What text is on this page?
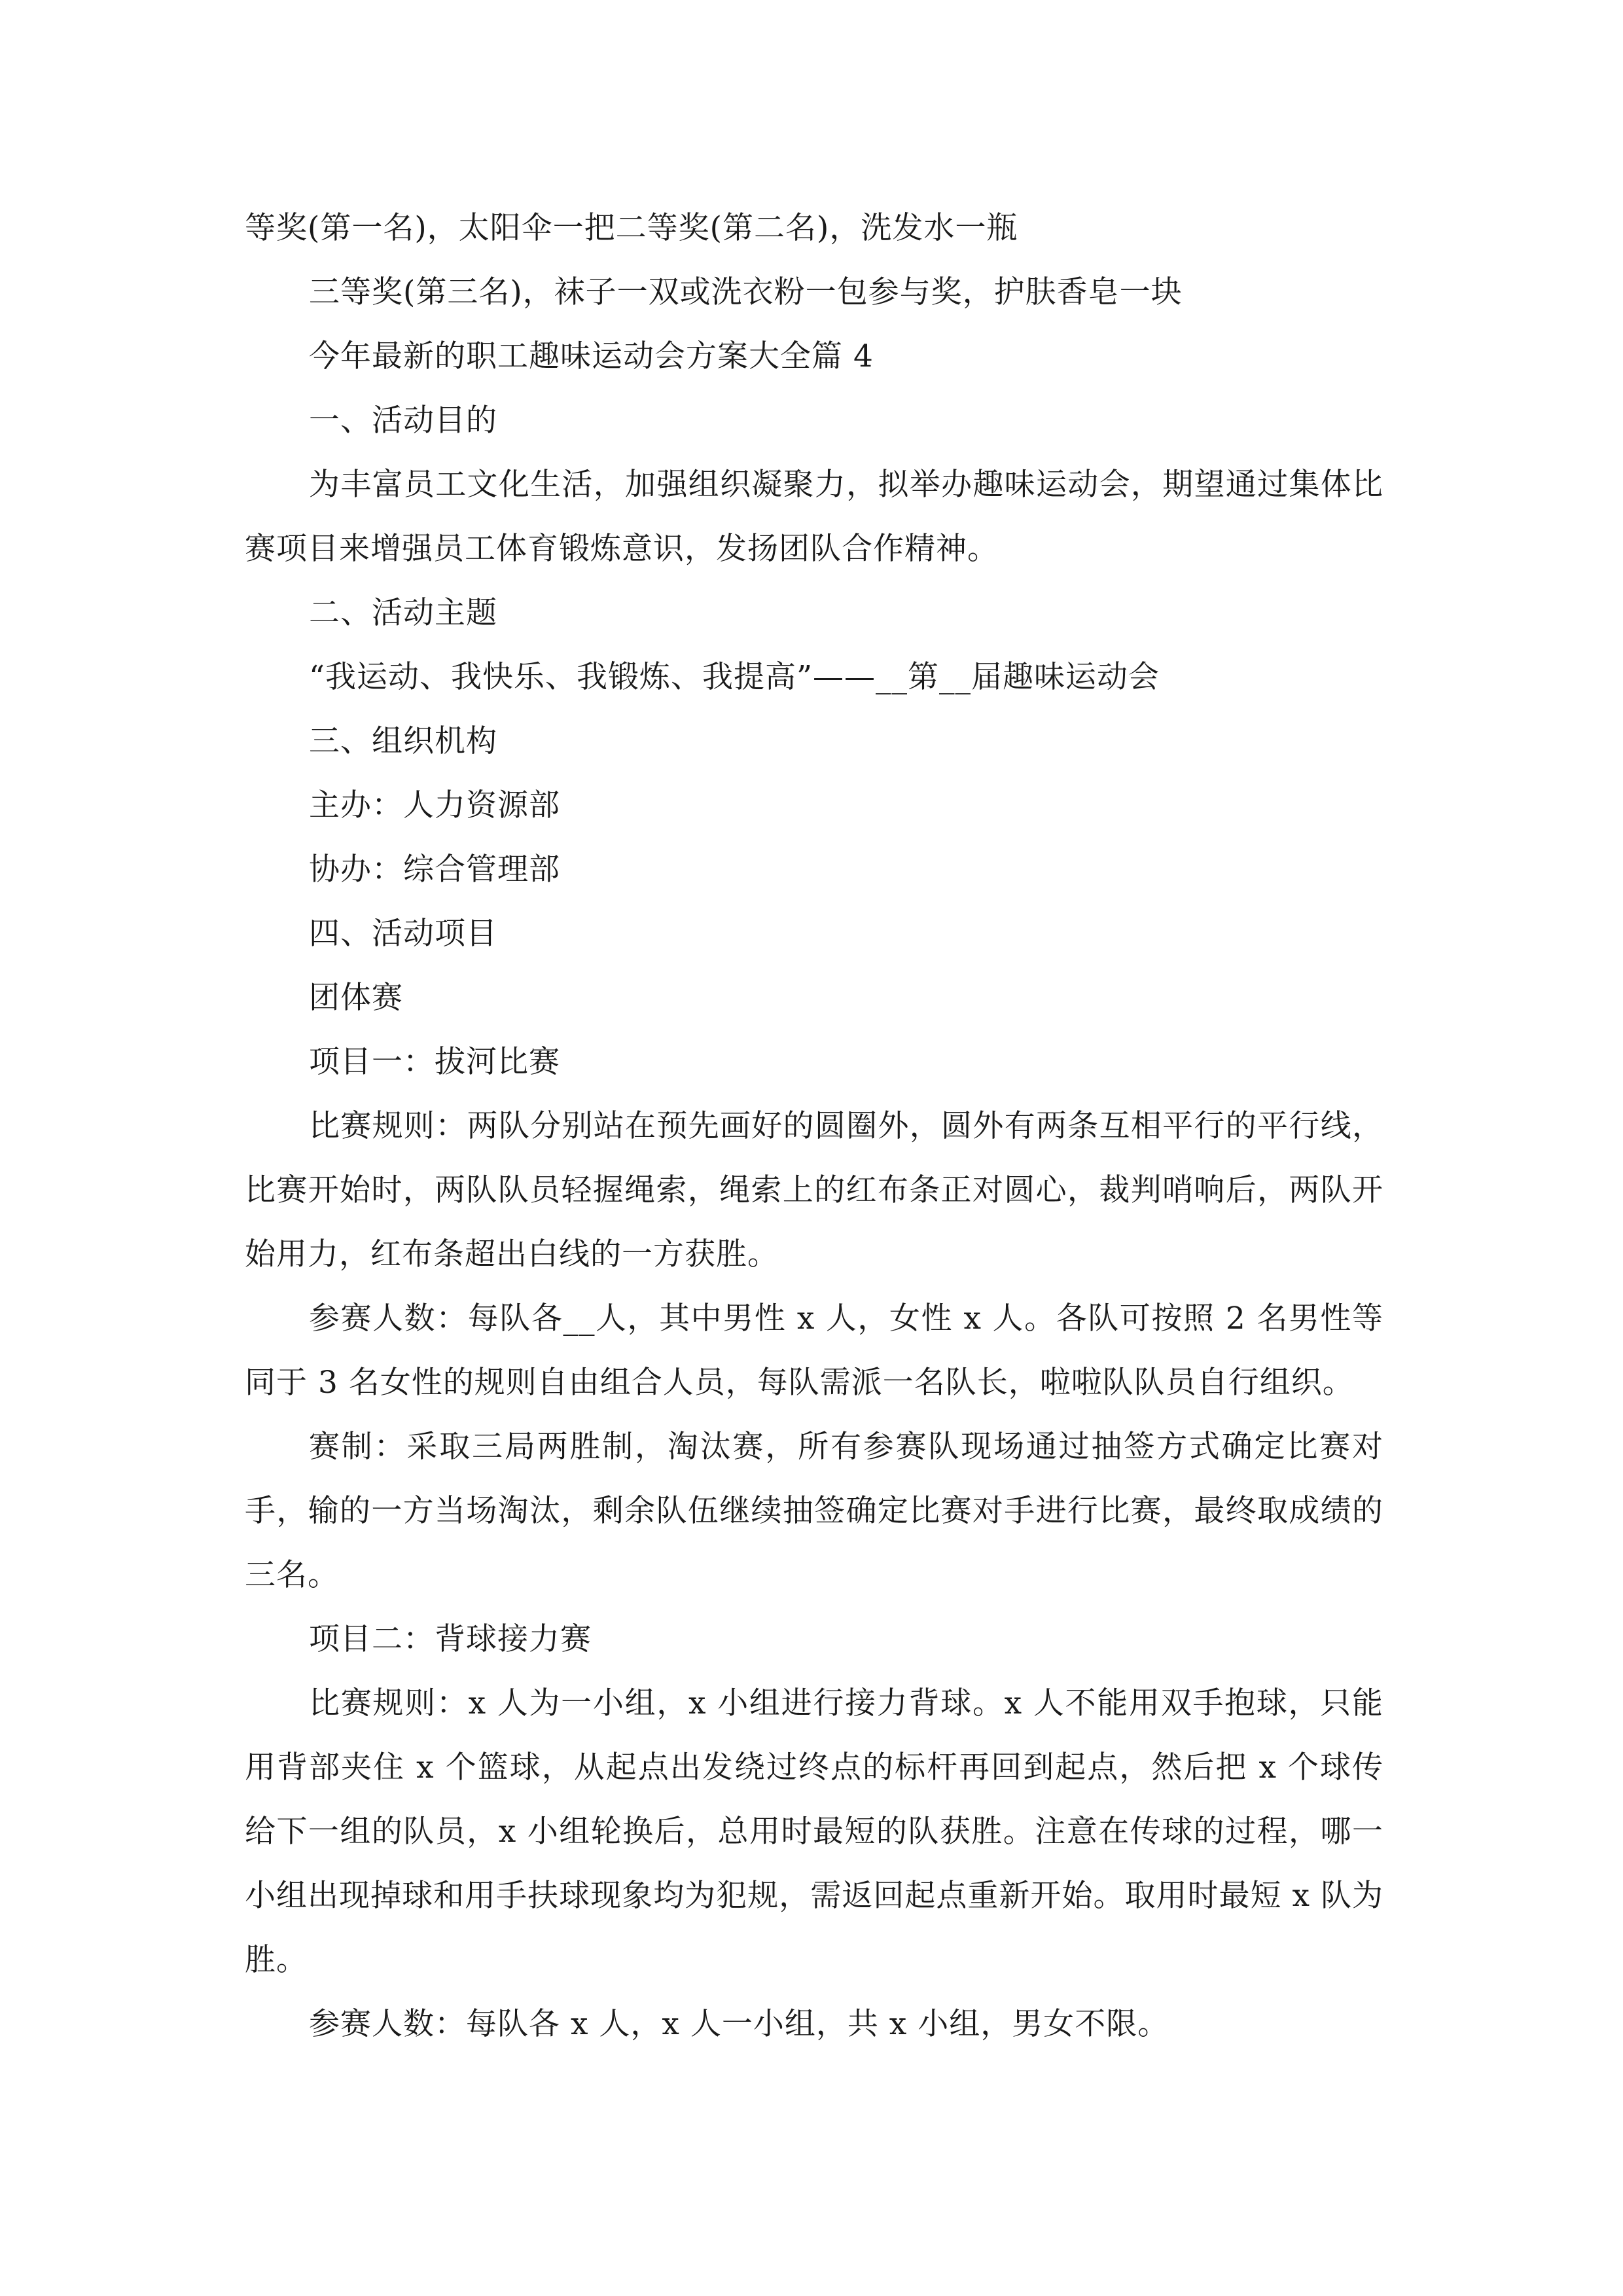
等奖(第一名)，太阳伞一把二等奖(第二名)，洗发水一瓶

三等奖(第三名)，袜子一双或洗衣粉一包参与奖，护肤香皂一块

今年最新的职工趣味运动会方案大全篇 4

一、活动目的

为丰富员工文化生活，加强组织凝聚力，拟举办趣味运动会，期望通过集体比赛项目来增强员工体育锻炼意识，发扬团队合作精神。

二、活动主题

“我运动、我快乐、我锻炼、我提高”——__第__届趣味运动会

三、组织机构

主办：人力资源部

协办：综合管理部

四、活动项目

团体赛

项目一：拔河比赛

比赛规则：两队分别站在预先画好的圆圈外，圆外有两条互相平行的平行线，比赛开始时，两队队员轻握绳索，绳索上的红布条正对圆心，裁判哨响后，两队开始用力，红布条超出白线的一方获胜。

参赛人数：每队各__人，其中男性 x 人，女性 x 人。各队可按照 2 名男性等同于 3 名女性的规则自由组合人员，每队需派一名队长，啦啦队队员自行组织。

赛制：采取三局两胜制，淘汰赛，所有参赛队现场通过抽签方式确定比赛对手，输的一方当场淘汰，剩余队伍继续抽签确定比赛对手进行比赛，最终取成绩的三名。

项目二：背球接力赛

比赛规则：x 人为一小组，x 小组进行接力背球。x 人不能用双手抱球，只能用背部夹住 x 个篮球，从起点出发绕过终点的标杆再回到起点，然后把 x 个球传给下一组的队员，x 小组轮换后，总用时最短的队获胜。注意在传球的过程，哪一小组出现掉球和用手扶球现象均为犯规，需返回起点重新开始。取用时最短 x 队为胜。

参赛人数：每队各 x 人，x 人一小组，共 x 小组，男女不限。
